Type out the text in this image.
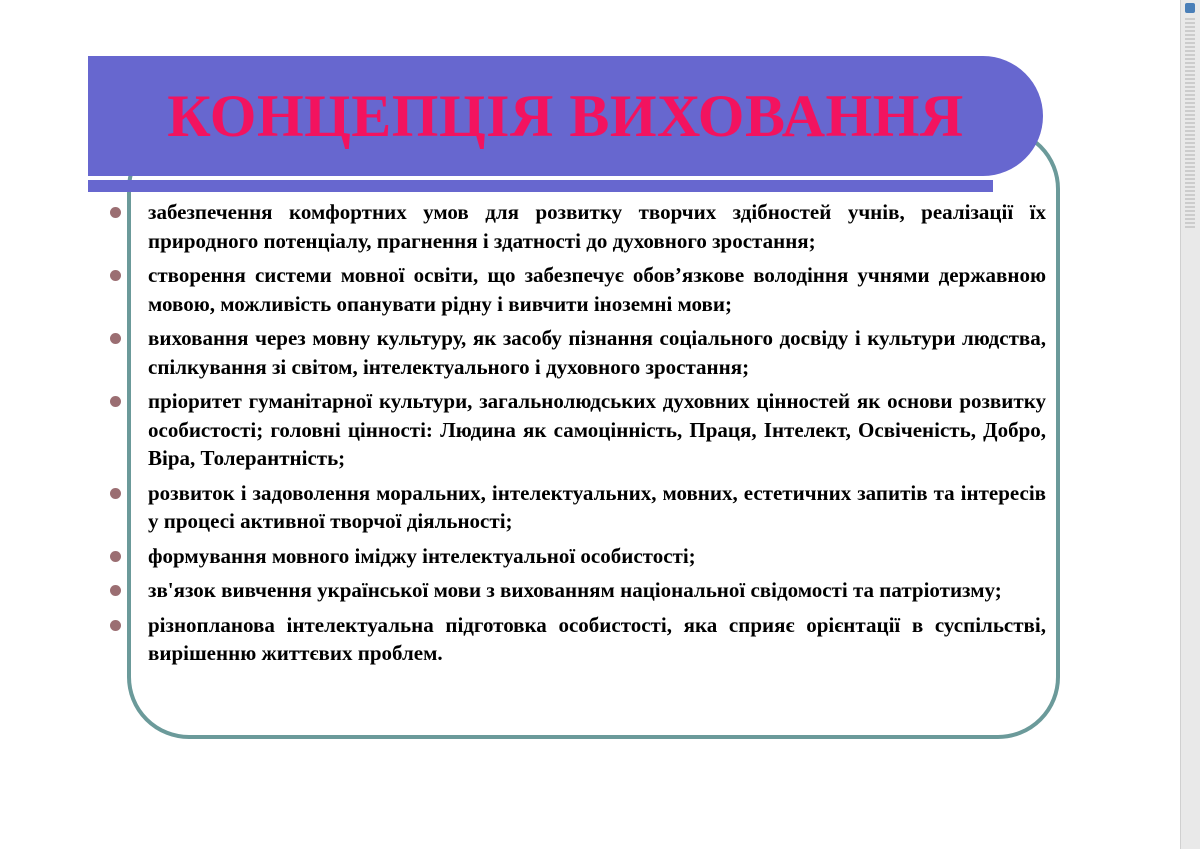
КОНЦЕПЦІЯ ВИХОВАННЯ
забезпечення комфортних умов для розвитку творчих здібностей учнів, реалізації їх природного потенціалу, прагнення і здатності до духовного зростання;
створення системи мовної освіти, що забезпечує обов’язкове володіння учнями державною мовою, можливість опанувати рідну і вивчити іноземні мови;
виховання через мовну культуру, як засобу пізнання соціального досвіду і культури людства, спілкування зі світом, інтелектуального і духовного зростання;
пріоритет гуманітарної культури, загальнолюдських духовних цінностей як основи розвитку особистості; головні цінності: Людина як самоцінність, Праця, Інтелект, Освіченість, Добро, Віра, Толерантність;
розвиток і задоволення моральних, інтелектуальних, мовних, естетичних запитів та інтересів у процесі активної творчої діяльності;
формування мовного іміджу інтелектуальної особистості;
зв'язок вивчення української мови з вихованням національної свідомості та патріотизму;
різнопланова інтелектуальна підготовка особистості, яка сприяє орієнтації в суспільстві, вирішенню життєвих проблем.
